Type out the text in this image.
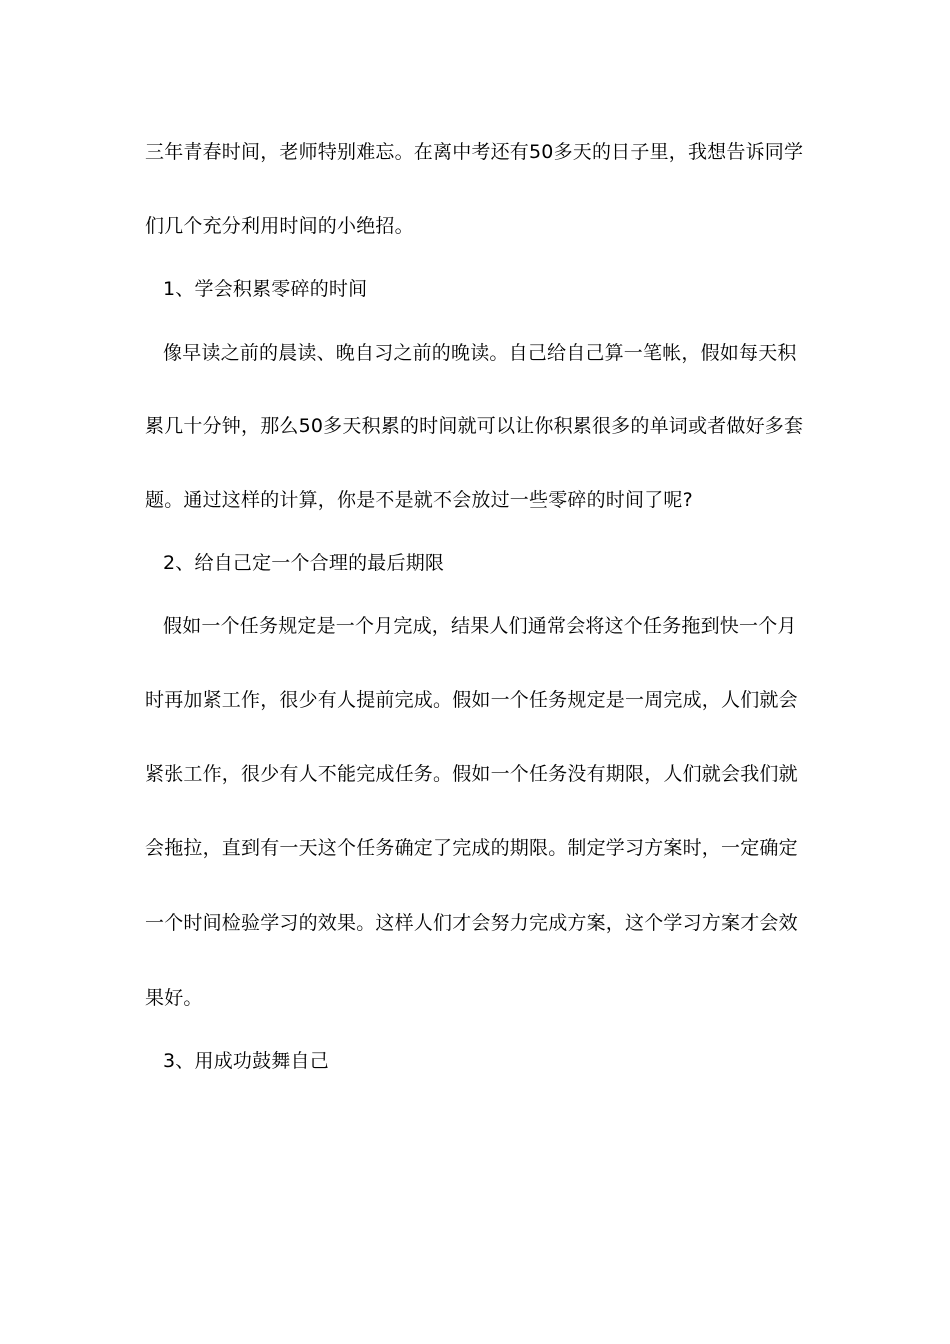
三年青春时间，老师特别难忘。在离中考还有50多天的日子里，我想告诉同学
们几个充分利用时间的小绝招。
1、学会积累零碎的时间
像早读之前的晨读、晚自习之前的晚读。自己给自己算一笔帐，假如每天积
累几十分钟，那么50多天积累的时间就可以让你积累很多的单词或者做好多套
题。通过这样的计算，你是不是就不会放过一些零碎的时间了呢?
2、给自己定一个合理的最后期限
假如一个任务规定是一个月完成，结果人们通常会将这个任务拖到快一个月
时再加紧工作，很少有人提前完成。假如一个任务规定是一周完成，人们就会
紧张工作，很少有人不能完成任务。假如一个任务没有期限，人们就会我们就
会拖拉，直到有一天这个任务确定了完成的期限。制定学习方案时，一定确定
一个时间检验学习的效果。这样人们才会努力完成方案，这个学习方案才会效
果好。
3、用成功鼓舞自己
